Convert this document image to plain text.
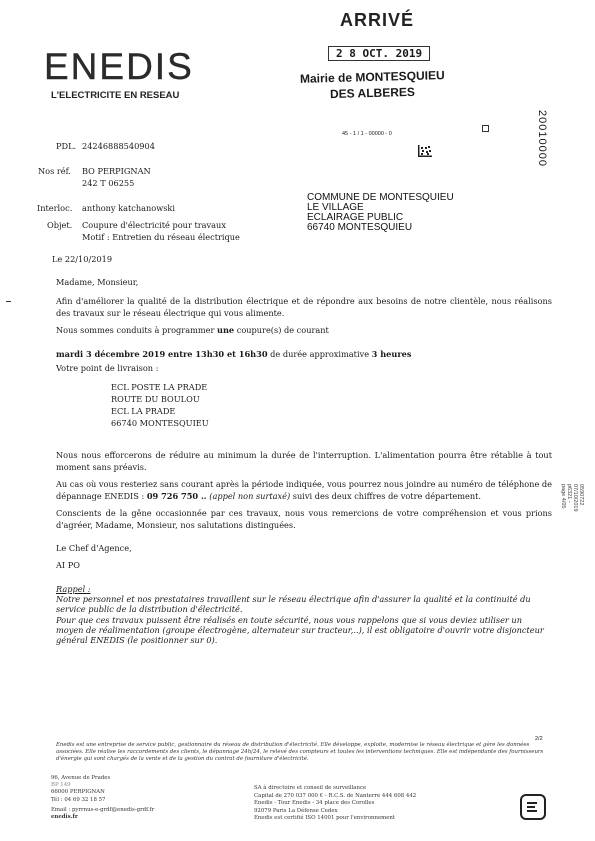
ENEDIS
L'ELECTRICITE EN RESEAU
ARRIVÉ
2 8 OCT. 2019
Mairie de MONTESQUIEU
DES ALBERES
20010000
0590722 07/10/2019 p6321 - page 4/05
45 - 1 / 1 - 00000 - 0
PDL. 24246888540904
Nos réf. BO PERPIGNAN
242 T 06255
Interloc. anthony katchanowski
Objet. Coupure d'électricité pour travaux
Motif : Entretien du réseau électrique
COMMUNE DE MONTESQUIEU
LE VILLAGE
ECLAIRAGE PUBLIC
66740 MONTESQUIEU
Le 22/10/2019
Madame, Monsieur,
Afin d'améliorer la qualité de la distribution électrique et de répondre aux besoins de notre clientèle, nous réalisons des travaux sur le réseau électrique qui vous alimente.
Nous sommes conduits à programmer une coupure(s) de courant
mardi 3 décembre 2019 entre 13h30 et 16h30 de durée approximative 3 heures
Votre point de livraison :
ECL POSTE LA PRADE
ROUTE DU BOULOU
ECL LA PRADE
66740 MONTESQUIEU
Nous nous efforcerons de réduire au minimum la durée de l'interruption. L'alimentation pourra être rétablie à tout moment sans préavis.
Au cas où vous resteriez sans courant après la période indiquée, vous pourrez nous joindre au numéro de téléphone de dépannage ENEDIS : 09 726 750 .. (appel non surtaxé) suivi des deux chiffres de votre département.
Conscients de la gêne occasionnée par ces travaux, nous vous remercions de votre compréhension et vous prions d'agréer, Madame, Monsieur, nos salutations distinguées.
Le Chef d'Agence,
AI PO
Rappel :
Notre personnel et nos prestataires travaillent sur le réseau électrique afin d'assurer la qualité et la continuité du service public de la distribution d'électricité.
Pour que ces travaux puissent être réalisés en toute sécurité, nous vous rappelons que si vous deviez utiliser un moyen de réalimentation (groupe électrogène, alternateur sur tracteur,..), il est obligatoire d'ouvrir votre disjoncteur général ENEDIS (le positionner sur 0).
2/2
Enedis est une entreprise de service public, gestionnaire du réseau de distribution d'électricité. Elle développe, exploite, modernise le réseau électrique et gère les données associées. Elle réalise les raccordements des clients, le dépannage 24h/24, le relevé des compteurs et toutes les interventions techniques. Elle est indépendante des fournisseurs d'énergie qui sont chargés de la vente et de la gestion du contrat de fourniture d'électricité.
96, Avenue de Prades
BP 149
66000 PERPIGNAN
Tél : 04 69 32 18 57
Email : pyrrnus-e-grdf@enedis-grdf.fr
enedis.fr
SA à directoire et conseil de surveillance
Capital de 270 037 000 € - R.C.S. de Nanterre 444 608 442
Enedis - Tour Enedis - 34 place des Corolles
92079 Paris La Défense Cedex
Enedis est certifié ISO 14001 pour l'environnement
